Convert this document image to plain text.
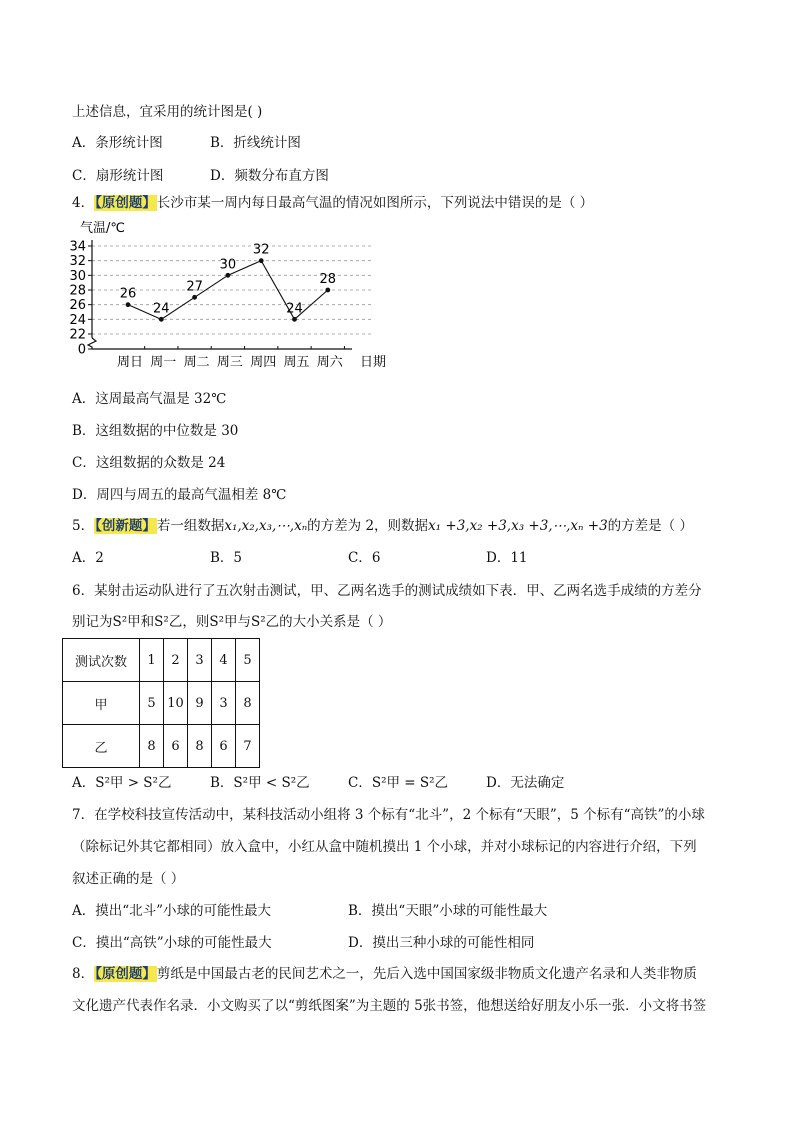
上述信息，宜采用的统计图是( )
A．条形统计图	B．折线统计图
C．扇形统计图	D．频数分布直方图
4．【原创题】长沙市某一周内每日最高气温的情况如图所示，下列说法中错误的是（ ）
0
22
24
26
28
30
32
34
周日 周一 周二 周三 周四 周五 周六
26
24
27
30
32
24
28
气温/℃
日期
A．这周最高气温是 32℃
B．这组数据的中位数是 30
C．这组数据的众数是 24
D．周四与周五的最高气温相差 8℃
5．【创新题】若一组数据x₁,x₂,x₃,⋯,xₙ的方差为 2，则数据x₁ +3,x₂ +3,x₃ +3,⋯,xₙ +3的方差是（ ）
A．2	B．5	C．6	D．11
6．某射击运动队进行了五次射击测试，甲、乙两名选手的测试成绩如下表．甲、乙两名选手成绩的方差分
别记为S²甲和S²乙，则S²甲与S²乙的大小关系是（ ）
测试次数	1	2	3	4	5
甲	5	10	9	3	8
乙	8	6	8	6	7
A．S²甲 > S²乙	B．S²甲 < S²乙	C．S²甲 = S²乙	D．无法确定
7．在学校科技宣传活动中，某科技活动小组将 3 个标有“北斗”，2 个标有“天眼”，5 个标有“高铁”的小球
（除标记外其它都相同）放入盒中，小红从盒中随机摸出 1 个小球，并对小球标记的内容进行介绍，下列
叙述正确的是（ ）
A．摸出“北斗”小球的可能性最大	B．摸出“天眼”小球的可能性最大
C．摸出“高铁”小球的可能性最大	D．摸出三种小球的可能性相同
8．【原创题】剪纸是中国最古老的民间艺术之一，先后入选中国国家级非物质文化遗产名录和人类非物质
文化遗产代表作名录．小文购买了以“剪纸图案”为主题的 5张书签，他想送给好朋友小乐一张．小文将书签
